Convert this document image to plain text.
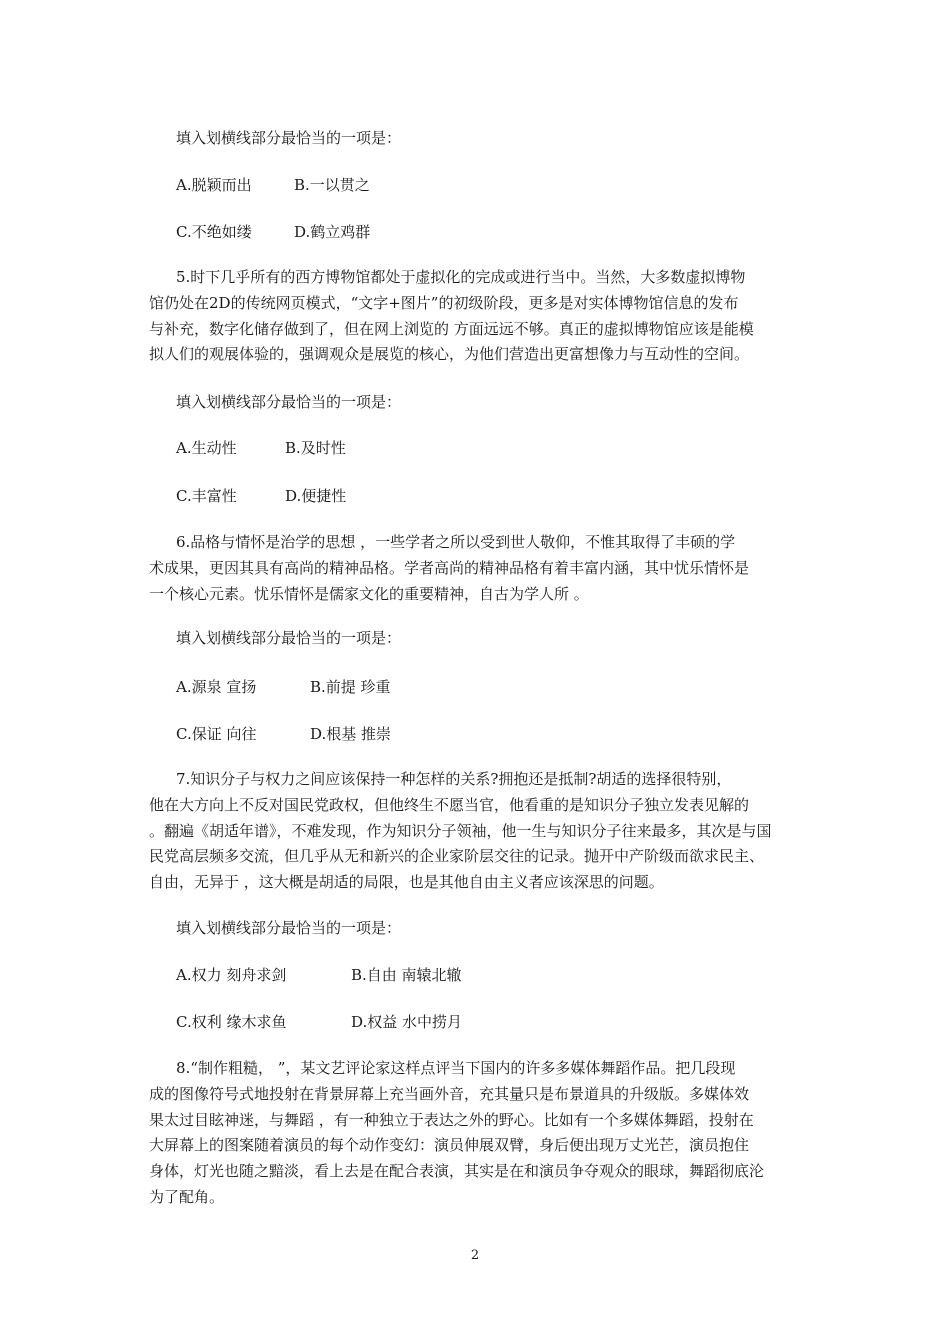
填入划横线部分最恰当的一项是：
A.脱颖而出	B.一以贯之
C.不绝如缕	D.鹤立鸡群
5.时下几乎所有的西方博物馆都处于虚拟化的完成或进行当中。当然，大多数虚拟博物
馆仍处在2D的传统网页模式，“文字+图片”的初级阶段，更多是对实体博物馆信息的发布
与补充，数字化储存做到了，但在网上浏览的 方面远远不够。真正的虚拟博物馆应该是能模
拟人们的观展体验的，强调观众是展览的核心，为他们营造出更富想像力与互动性的空间。
填入划横线部分最恰当的一项是：
A.生动性	B.及时性
C.丰富性	D.便捷性
6.品格与情怀是治学的思想 ，一些学者之所以受到世人敬仰，不惟其取得了丰硕的学
术成果，更因其具有高尚的精神品格。学者高尚的精神品格有着丰富内涵，其中忧乐情怀是
一个核心元素。忧乐情怀是儒家文化的重要精神，自古为学人所 。
填入划横线部分最恰当的一项是：
A.源泉 宣扬	B.前提 珍重
C.保证 向往	D.根基 推崇
7.知识分子与权力之间应该保持一种怎样的关系?拥抱还是抵制?胡适的选择很特别，
他在大方向上不反对国民党政权，但他终生不愿当官，他看重的是知识分子独立发表见解的
。翻遍《胡适年谱》，不难发现，作为知识分子领袖，他一生与知识分子往来最多，其次是与国
民党高层频多交流，但几乎从无和新兴的企业家阶层交往的记录。抛开中产阶级而欲求民主、
自由，无异于 ，这大概是胡适的局限，也是其他自由主义者应该深思的问题。
填入划横线部分最恰当的一项是：
A.权力 刻舟求剑	B.自由 南辕北辙
C.权利 缘木求鱼	D.权益 水中捞月
8.“制作粗糙， ”，某文艺评论家这样点评当下国内的许多多媒体舞蹈作品。把几段现
成的图像符号式地投射在背景屏幕上充当画外音，充其量只是布景道具的升级版。多媒体效
果太过目眩神迷，与舞蹈 ，有一种独立于表达之外的野心。比如有一个多媒体舞蹈，投射在
大屏幕上的图案随着演员的每个动作变幻：演员伸展双臂，身后便出现万丈光芒，演员抱住
身体，灯光也随之黯淡，看上去是在配合表演，其实是在和演员争夺观众的眼球，舞蹈彻底沦
为了配角。
2
